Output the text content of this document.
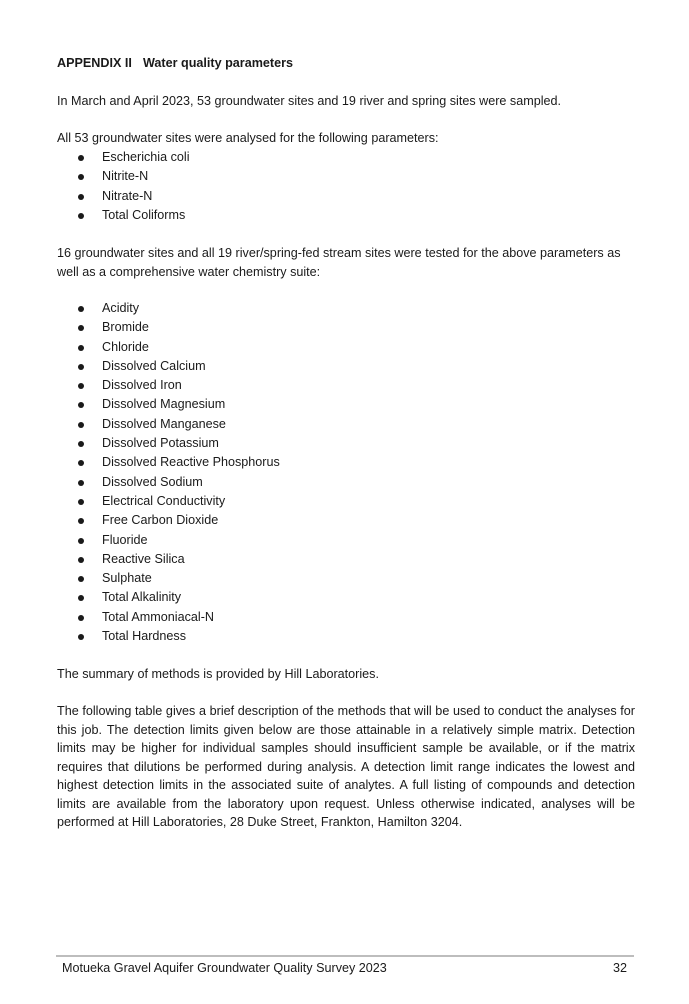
APPENDIX II Water quality parameters

In March and April 2023, 53 groundwater sites and 19 river and spring sites were sampled.

All 53 groundwater sites were analysed for the following parameters:

Escherichia coli
Nitrite-N
Nitrate-N
Total Coliforms

16 groundwater sites and all 19 river/spring-fed stream sites were tested for the above parameters as well as a comprehensive water chemistry suite:

Acidity
Bromide
Chloride
Dissolved Calcium
Dissolved Iron
Dissolved Magnesium
Dissolved Manganese
Dissolved Potassium
Dissolved Reactive Phosphorus
Dissolved Sodium
Electrical Conductivity
Free Carbon Dioxide
Fluoride
Reactive Silica
Sulphate
Total Alkalinity
Total Ammoniacal-N
Total Hardness

The summary of methods is provided by Hill Laboratories.

The following table gives a brief description of the methods that will be used to conduct the analyses for this job. The detection limits given below are those attainable in a relatively simple matrix. Detection limits may be higher for individual samples should insufficient sample be available, or if the matrix requires that dilutions be performed during analysis. A detection limit range indicates the lowest and highest detection limits in the associated suite of analytes. A full listing of compounds and detection limits are available from the laboratory upon request. Unless otherwise indicated, analyses will be performed at Hill Laboratories, 28 Duke Street, Frankton, Hamilton 3204.

Motueka Gravel Aquifer Groundwater Quality Survey 2023	32
